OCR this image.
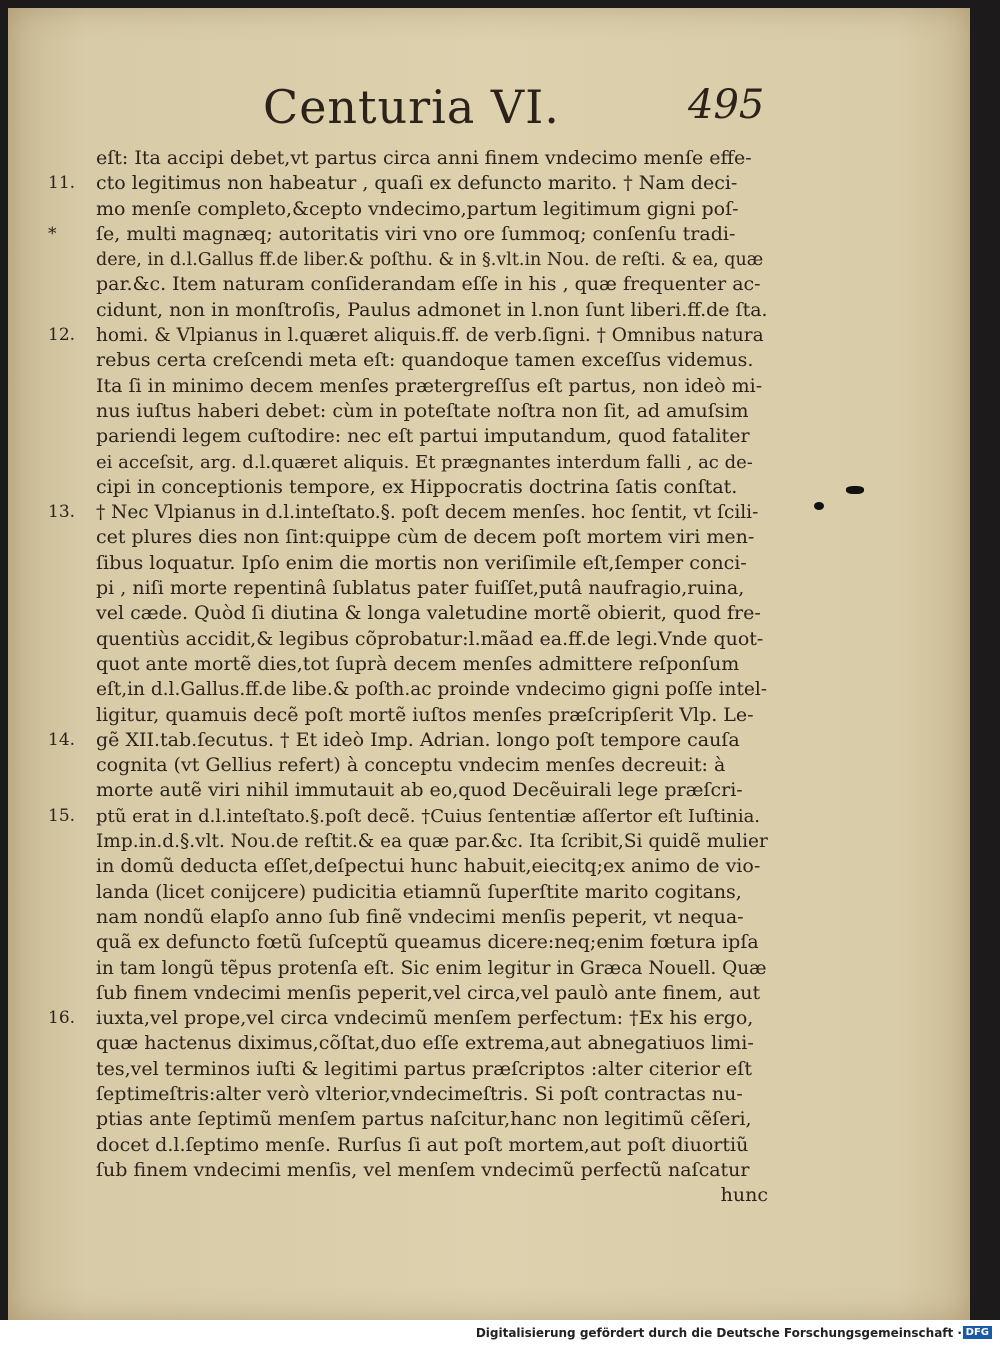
Centuria VI.	495
eſt: Ita accipi debet,vt partus circa anni finem vndecimo menſe effe-
11.	cto legitimus non habeatur , quaſi ex defuncto marito. † Nam deci-
mo menſe completo,&cepto vndecimo,partum legitimum gigni poſ-
*	ſe, multi magnæq; autoritatis viri vno ore ſummoq; conſenſu tradi-
dere, in d.l.Gallus ff.de liber.& poſthu. & in §.vlt.in Nou. de reſti. & ea, quæ
par.&c. Item naturam conſiderandam eſſe in his , quæ frequenter ac-
cidunt, non in monſtroſis, Paulus admonet in l.non ſunt liberi.ff.de ſta.
12.	homi. & Vlpianus in l.quæret aliquis.ff. de verb.ſigni. † Omnibus natura
rebus certa creſcendi meta eſt: quandoque tamen exceſſus videmus.
Ita ſi in minimo decem menſes prætergreſſus eſt partus, non ideò mi-
nus iuſtus haberi debet: cùm in poteſtate noſtra non ſit, ad amuſsim
pariendi legem cuſtodire: nec eſt partui imputandum, quod fataliter
ei acceſsit, arg. d.l.quæret aliquis. Et prægnantes interdum falli , ac de-
cipi in conceptionis tempore, ex Hippocratis doctrina ſatis conſtat.
13.	† Nec Vlpianus in d.l.inteſtato.§. poſt decem menſes. hoc ſentit, vt ſcili-
cet plures dies non ſint:quippe cùm de decem poſt mortem viri men-
ſibus loquatur. Ipſo enim die mortis non veriſimile eſt,ſemper conci-
pi , niſi morte repentinâ ſublatus pater fuiſſet,putâ naufragio,ruina,
vel cæde. Quòd ſi diutina & longa valetudine mortẽ obierit, quod fre-
quentiùs accidit,& legibus cõprobatur:l.mãad ea.ff.de legi.Vnde quot-
quot ante mortẽ dies,tot ſuprà decem menſes admittere reſponſum
eſt,in d.l.Gallus.ff.de libe.& poſth.ac proinde vndecimo gigni poſſe intel-
ligitur, quamuis decẽ poſt mortẽ iuſtos menſes præſcripſerit Vlp. Le-
14.	gẽ XII.tab.ſecutus. † Et ideò Imp. Adrian. longo poſt tempore cauſa
cognita (vt Gellius refert) à conceptu vndecim menſes decreuit: à
morte autẽ viri nihil immutauit ab eo,quod Decẽuirali lege præſcri-
15.	ptũ erat in d.l.inteſtato.§.poſt decẽ. †Cuius ſententiæ aſſertor eſt Iuſtinia.
Imp.in.d.§.vlt. Nou.de reſtit.& ea quæ par.&c. Ita ſcribit,Si quidẽ mulier
in domũ deducta eſſet,deſpectui hunc habuit,eiecitq;ex animo de vio-
landa (licet conijcere) pudicitia etiamnũ ſuperſtite marito cogitans,
nam nondũ elapſo anno ſub finẽ vndecimi menſis peperit, vt nequa-
quã ex defuncto fœtũ ſuſceptũ queamus dicere:neq;enim fœtura ipſa
in tam longũ tẽpus protenſa eſt. Sic enim legitur in Græca Nouell. Quæ
ſub finem vndecimi menſis peperit,vel circa,vel paulò ante finem, aut
16.	iuxta,vel prope,vel circa vndecimũ menſem perfectum: †Ex his ergo,
quæ hactenus diximus,cõſtat,duo eſſe extrema,aut abnegatiuos limi-
tes,vel terminos iuſti & legitimi partus præſcriptos :alter citerior eſt
ſeptimeſtris:alter verò vlterior,vndecimeſtris. Si poſt contractas nu-
ptias ante ſeptimũ menſem partus naſcitur,hanc non legitimũ cẽſeri,
docet d.l.ſeptimo menſe. Rurſus ſi aut poſt mortem,aut poſt diuortiũ
ſub finem vndecimi menſis, vel menſem vndecimũ perfectũ naſcatur
hunc
Digitalisierung gefördert durch die Deutsche Forschungsgemeinschaft · DFG
